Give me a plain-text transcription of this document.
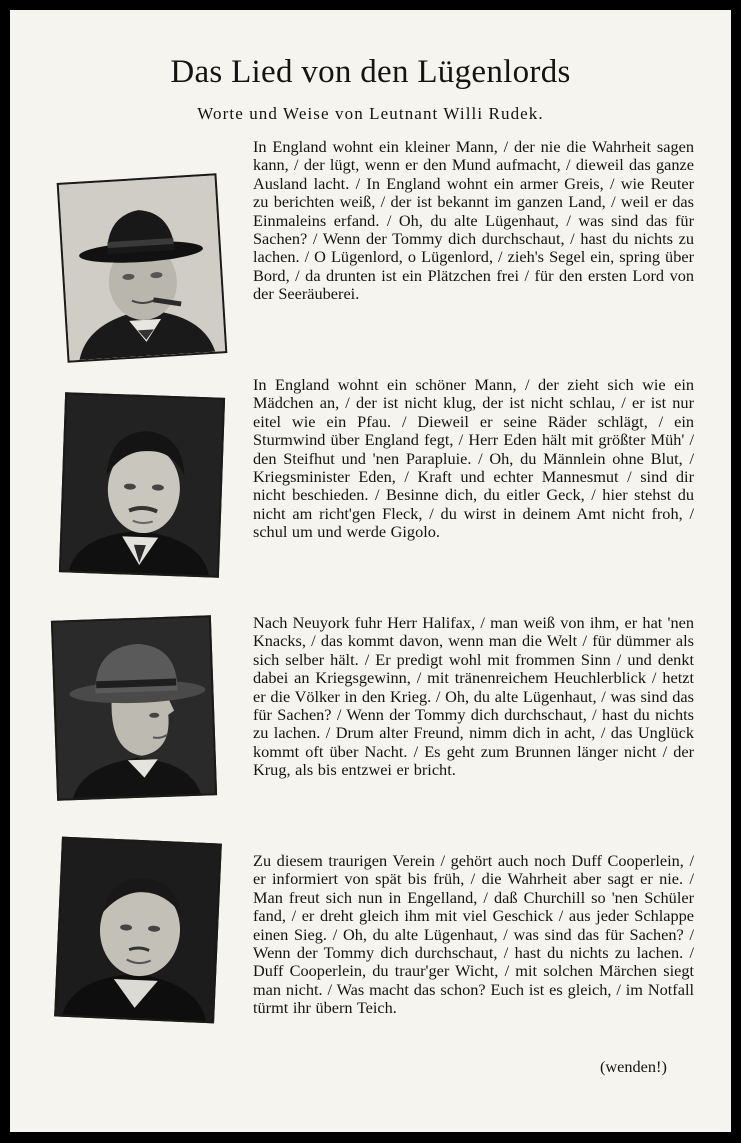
Das Lied von den Lügenlords
Worte und Weise von Leutnant Willi Rudek.

In England wohnt ein kleiner Mann, / der nie die Wahrheit sagen kann, / der lügt, wenn er den Mund aufmacht, / dieweil das ganze Ausland lacht. / In England wohnt ein armer Greis, / wie Reuter zu berichten weiß, / der ist bekannt im ganzen Land, / weil er das Einmaleins erfand. / Oh, du alte Lügenhaut, / was sind das für Sachen? / Wenn der Tommy dich durchschaut, / hast du nichts zu lachen. / O Lügenlord, o Lügenlord, / zieh's Segel ein, spring über Bord, / da drunten ist ein Plätzchen frei / für den ersten Lord von der Seeräuberei.

In England wohnt ein schöner Mann, / der zieht sich wie ein Mädchen an, / der ist nicht klug, der ist nicht schlau, / er ist nur eitel wie ein Pfau. / Dieweil er seine Räder schlägt, / ein Sturmwind über England fegt, / Herr Eden hält mit größter Müh' / den Steifhut und 'nen Parapluie. / Oh, du Männlein ohne Blut, / Kriegsminister Eden, / Kraft und echter Mannesmut / sind dir nicht beschieden. / Besinne dich, du eitler Geck, / hier stehst du nicht am richt'gen Fleck, / du wirst in deinem Amt nicht froh, / schul um und werde Gigolo.

Nach Neuyork fuhr Herr Halifax, / man weiß von ihm, er hat 'nen Knacks, / das kommt davon, wenn man die Welt / für dümmer als sich selber hält. / Er predigt wohl mit frommen Sinn / und denkt dabei an Kriegsgewinn, / mit tränenreichem Heuchlerblick / hetzt er die Völker in den Krieg. / Oh, du alte Lügenhaut, / was sind das für Sachen? / Wenn der Tommy dich durchschaut, / hast du nichts zu lachen. / Drum alter Freund, nimm dich in acht, / das Unglück kommt oft über Nacht. / Es geht zum Brunnen länger nicht / der Krug, als bis entzwei er bricht.

Zu diesem traurigen Verein / gehört auch noch Duff Cooperlein, / er informiert von spät bis früh, / die Wahrheit aber sagt er nie. / Man freut sich nun in Engelland, / daß Churchill so 'nen Schüler fand, / er dreht gleich ihm mit viel Geschick / aus jeder Schlappe einen Sieg. / Oh, du alte Lügenhaut, / was sind das für Sachen? / Wenn der Tommy dich durchschaut, / hast du nichts zu lachen. / Duff Cooperlein, du traur'ger Wicht, / mit solchen Märchen siegt man nicht. / Was macht das schon? Euch ist es gleich, / im Notfall türmt ihr übern Teich.

(wenden!)
